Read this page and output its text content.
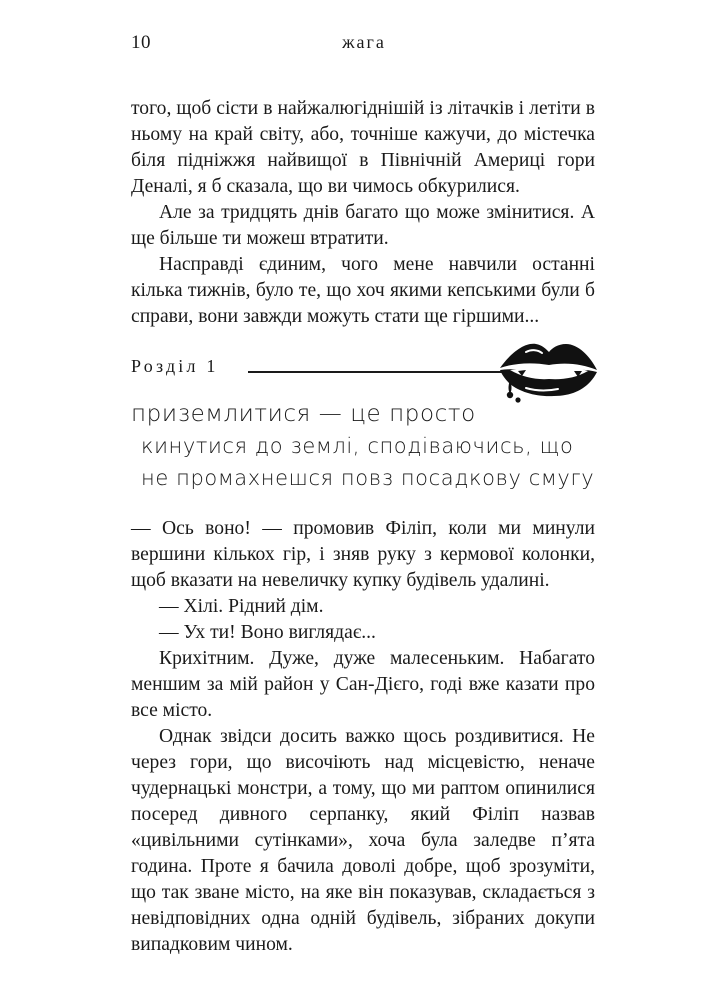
10	жага

того, щоб сісти в найжалюгіднішій із літачків і летіти в ньому на край світу, або, точніше кажучи, до містечка біля підніжжя найвищої в Північній Америці гори Деналі, я б сказала, що ви чимось обкурилися.

Але за тридцять днів багато що може змінитися. А ще більше ти можеш втратити.

Насправді єдиним, чого мене навчили останні кілька тижнів, було те, що хоч якими кепськими були б справи, вони завжди можуть стати ще гіршими...

Розділ 1
приземлитися — це просто
кинутися до землі, сподіваючись, що
не промахнешся повз посадкову смугу

— Ось воно! — промовив Філіп, коли ми минули вершини кількох гір, і зняв руку з кермової колонки, щоб вказати на невеличку купку будівель удалині.

— Хілі. Рідний дім.

— Ух ти! Воно виглядає...

Крихітним. Дуже, дуже малесеньким. Набагато меншим за мій район у Сан-Дієго, годі вже казати про все місто.

Однак звідси досить важко щось роздивитися. Не через гори, що височіють над місцевістю, неначе чудернацькі монстри, а тому, що ми раптом опинилися посеред дивного серпанку, який Філіп назвав «цивільними сутінками», хоча була заледве п’ята година. Проте я бачила доволі добре, щоб зрозуміти, що так зване місто, на яке він показував, складається з невідповідних одна одній будівель, зібраних докупи випадковим чином.
